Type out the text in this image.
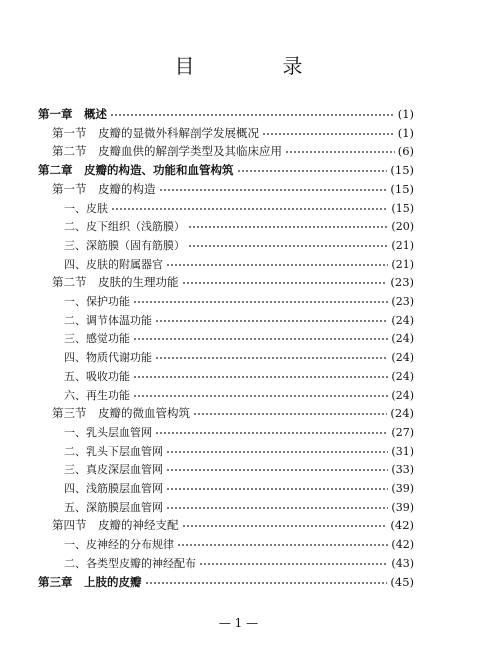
目　录
第一章　概述	(1)
第一节　皮瓣的显微外科解剖学发展概况	(1)
第二节　皮瓣血供的解剖学类型及其临床应用	(6)
第二章　皮瓣的构造、功能和血管构筑	(15)
第一节　皮瓣的构造	(15)
一、皮肤	(15)
二、皮下组织（浅筋膜）	(20)
三、深筋膜（固有筋膜）	(21)
四、皮肤的附属器官	(21)
第二节　皮肤的生理功能	(23)
一、保护功能	(23)
二、调节体温功能	(24)
三、感觉功能	(24)
四、物质代谢功能	(24)
五、吸收功能	(24)
六、再生功能	(24)
第三节　皮瓣的微血管构筑	(24)
一、乳头层血管网	(27)
二、乳头下层血管网	(31)
三、真皮深层血管网	(33)
四、浅筋膜层血管网	(39)
五、深筋膜层血管网	(39)
第四节　皮瓣的神经支配	(42)
一、皮神经的分布规律	(42)
二、各类型皮瓣的神经配布	(43)
第三章　上肢的皮瓣	(45)
— 1 —
